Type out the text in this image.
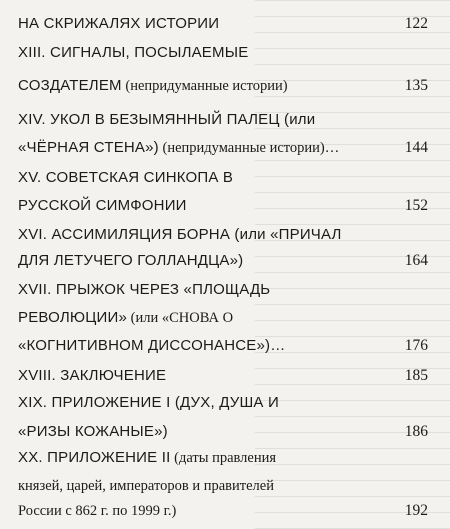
НА СКРИЖАЛЯХ ИСТОРИИ	122
XIII. СИГНАЛЫ, ПОСЫЛАЕМЫЕ
СОЗДАТЕЛЕМ (непридуманные истории)	135
XIV. УКОЛ В БЕЗЫМЯННЫЙ ПАЛЕЦ (или
«ЧЁРНАЯ СТЕНА») (непридуманные истории)…	144
XV. СОВЕТСКАЯ СИНКОПА В
РУССКОЙ СИМФОНИИ	152
XVI. АССИМИЛЯЦИЯ БОРНА (или «ПРИЧАЛ
ДЛЯ ЛЕТУЧЕГО ГОЛЛАНДЦА»)	164
XVII. ПРЫЖОК ЧЕРЕЗ «ПЛОЩАДЬ
РЕВОЛЮЦИИ» (или «СНОВА О
«КОГНИТИВНОМ ДИССОНАНСЕ»)…	176
XVIII. ЗАКЛЮЧЕНИЕ	185
XIX. ПРИЛОЖЕНИЕ I (ДУХ, ДУША И
«РИЗЫ КОЖАНЫЕ»)	186
XX. ПРИЛОЖЕНИЕ II (даты правления
князей, царей, императоров и правителей
России с 862 г. по 1999 г.)	192
